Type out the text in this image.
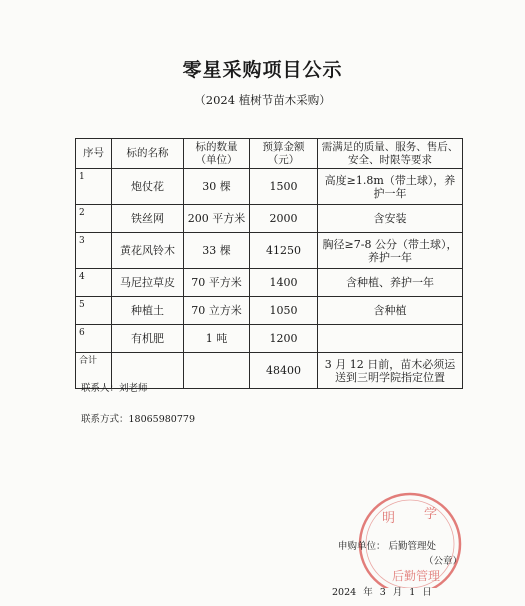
零星采购项目公示
（2024 植树节苗木采购）
序号	标的名称	标的数量（单位）	预算金额（元）	需满足的质量、服务、售后、安全、时限等要求
1	炮仗花	30 棵	1500	高度≥1.8m（带土球），养护一年
2	铁丝网	200 平方米	2000	含安装
3	黄花风铃木	33 棵	41250	胸径≥7-8 公分（带土球），养护一年
4	马尼拉草皮	70 平方米	1400	含种植、养护一年
5	种植土	70 立方米	1050	含种植
6	有机肥	1 吨	1200	
合计			48400	3 月 12 日前，苗木必须运送到三明学院指定位置
联系人：刘老师
联系方式：18065980779
明 学
后勤管理
申购单位： 后勤管理处
（公章）
2024 年 3 月 1 日
